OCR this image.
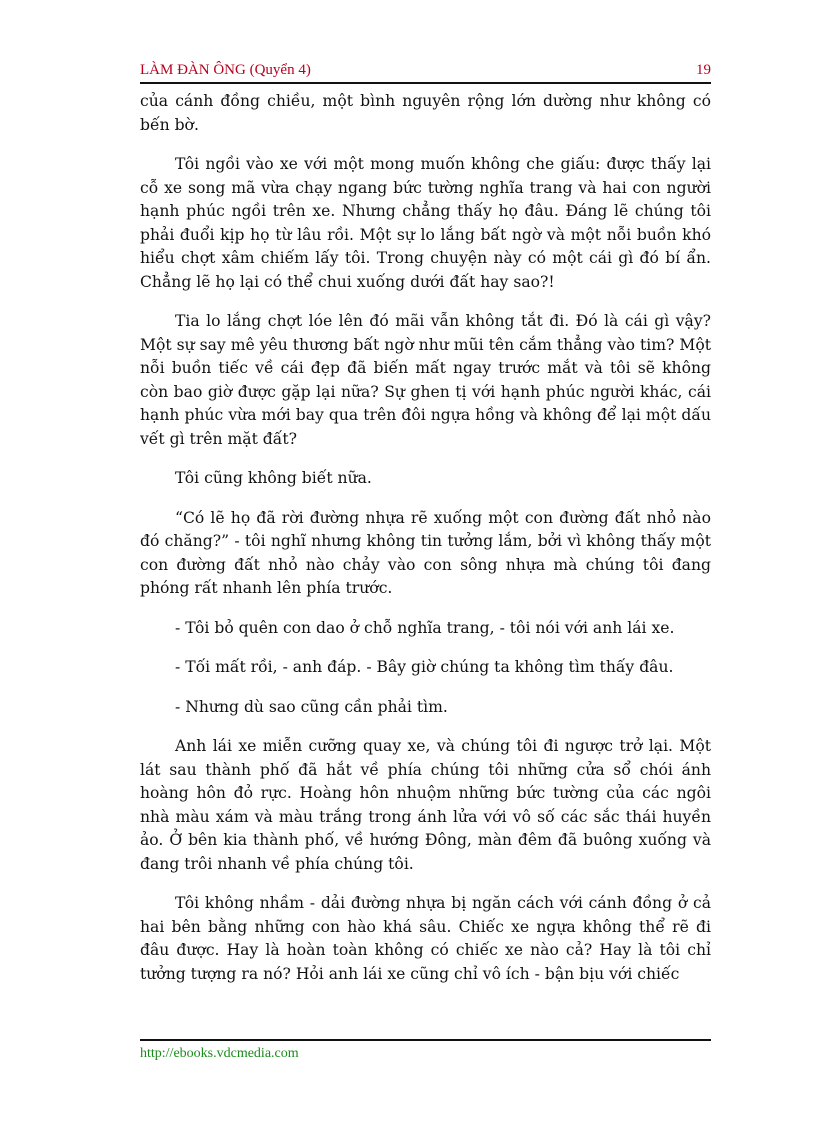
LÀM ĐÀN ÔNG (Quyển 4)	19

của cánh đồng chiều, một bình nguyên rộng lớn dường như không có bến bờ.

Tôi ngồi vào xe với một mong muốn không che giấu: được thấy lại cỗ xe song mã vừa chạy ngang bức tường nghĩa trang và hai con người hạnh phúc ngồi trên xe. Nhưng chẳng thấy họ đâu. Đáng lẽ chúng tôi phải đuổi kịp họ từ lâu rồi. Một sự lo lắng bất ngờ và một nỗi buồn khó hiểu chợt xâm chiếm lấy tôi. Trong chuyện này có một cái gì đó bí ẩn. Chẳng lẽ họ lại có thể chui xuống dưới đất hay sao?!

Tia lo lắng chợt lóe lên đó mãi vẫn không tắt đi. Đó là cái gì vậy? Một sự say mê yêu thương bất ngờ như mũi tên cắm thẳng vào tim? Một nỗi buồn tiếc về cái đẹp đã biến mất ngay trước mắt và tôi sẽ không còn bao giờ được gặp lại nữa? Sự ghen tị với hạnh phúc người khác, cái hạnh phúc vừa mới bay qua trên đôi ngựa hồng và không để lại một dấu vết gì trên mặt đất?

Tôi cũng không biết nữa.

“Có lẽ họ đã rời đường nhựa rẽ xuống một con đường đất nhỏ nào đó chăng?” - tôi nghĩ nhưng không tin tưởng lắm, bởi vì không thấy một con đường đất nhỏ nào chảy vào con sông nhựa mà chúng tôi đang phóng rất nhanh lên phía trước.

- Tôi bỏ quên con dao ở chỗ nghĩa trang, - tôi nói với anh lái xe.

- Tối mất rồi, - anh đáp. - Bây giờ chúng ta không tìm thấy đâu.

- Nhưng dù sao cũng cần phải tìm.

Anh lái xe miễn cưỡng quay xe, và chúng tôi đi ngược trở lại. Một lát sau thành phố đã hắt về phía chúng tôi những cửa sổ chói ánh hoàng hôn đỏ rực. Hoàng hôn nhuộm những bức tường của các ngôi nhà màu xám và màu trắng trong ánh lửa với vô số các sắc thái huyền ảo. Ở bên kia thành phố, về hướng Đông, màn đêm đã buông xuống và đang trôi nhanh về phía chúng tôi.

Tôi không nhầm - dải đường nhựa bị ngăn cách với cánh đồng ở cả hai bên bằng những con hào khá sâu. Chiếc xe ngựa không thể rẽ đi đâu được. Hay là hoàn toàn không có chiếc xe nào cả? Hay là tôi chỉ tưởng tượng ra nó? Hỏi anh lái xe cũng chỉ vô ích - bận bịu với chiếc

http://ebooks.vdcmedia.com
